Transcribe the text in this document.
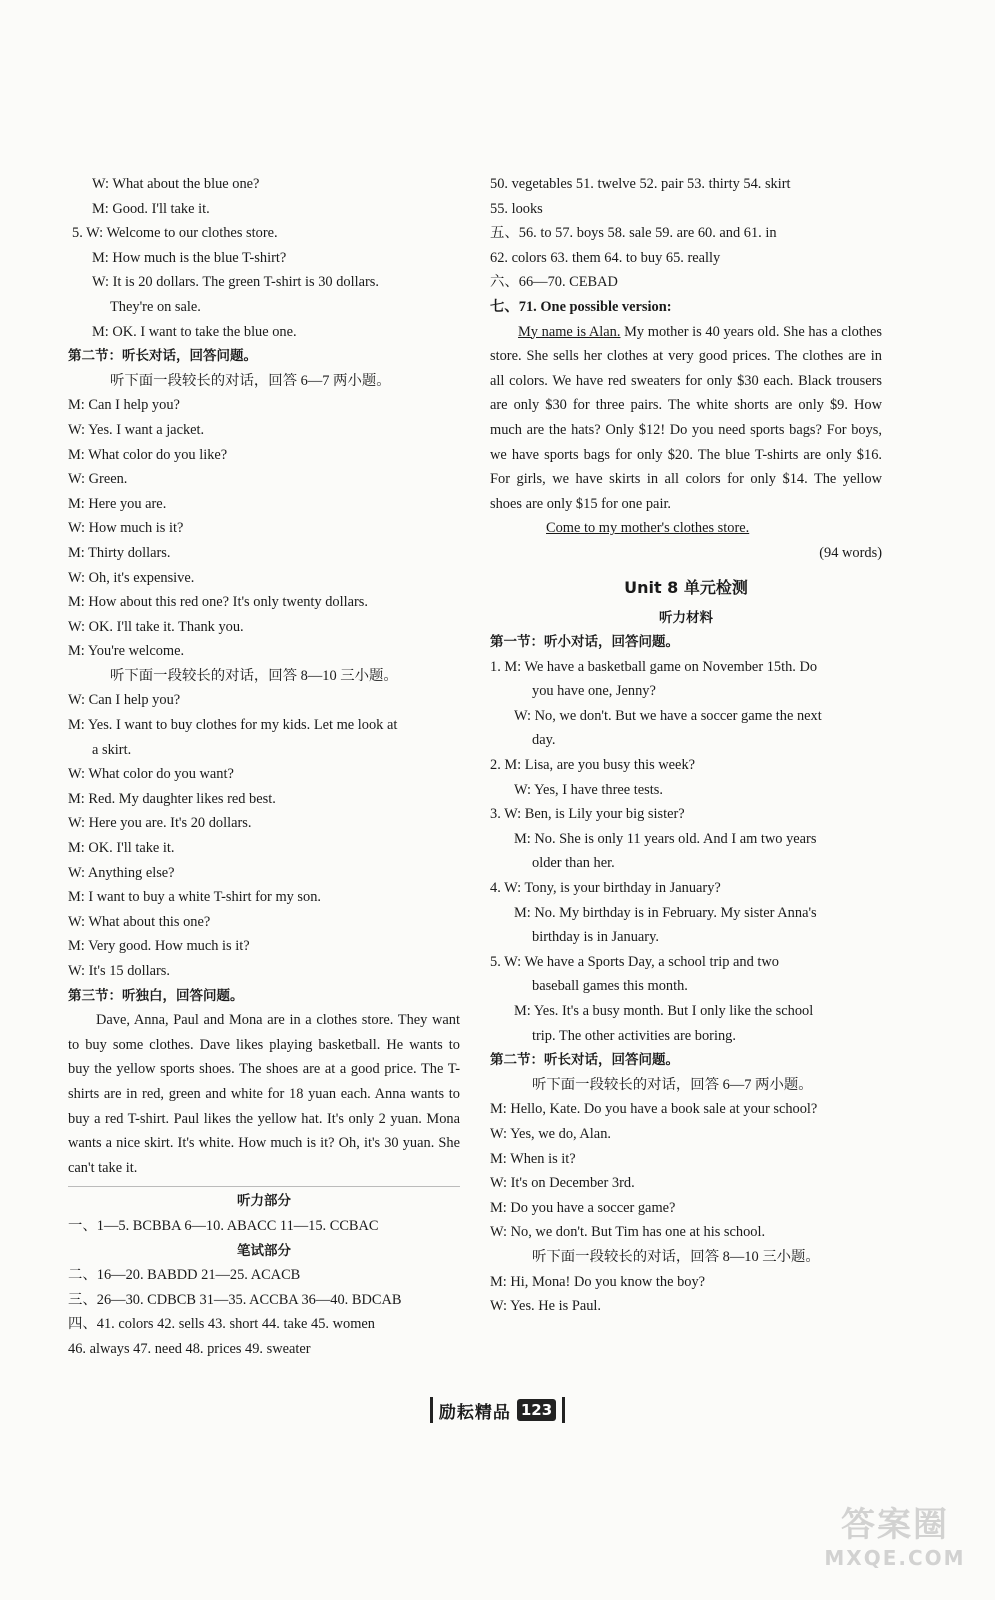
W: What about the blue one?
M: Good. I'll take it.
5. W: Welcome to our clothes store.
M: How much is the blue T-shirt?
W: It is 20 dollars. The green T-shirt is 30 dollars.
They're on sale.
M: OK. I want to take the blue one.
第二节：听长对话，回答问题。
听下面一段较长的对话，回答 6—7 两小题。
M: Can I help you?
W: Yes. I want a jacket.
M: What color do you like?
W: Green.
M: Here you are.
W: How much is it?
M: Thirty dollars.
W: Oh, it's expensive.
M: How about this red one? It's only twenty dollars.
W: OK. I'll take it. Thank you.
M: You're welcome.
听下面一段较长的对话，回答 8—10 三小题。
W: Can I help you?
M: Yes. I want to buy clothes for my kids. Let me look at
a skirt.
W: What color do you want?
M: Red. My daughter likes red best.
W: Here you are. It's 20 dollars.
M: OK. I'll take it.
W: Anything else?
M: I want to buy a white T-shirt for my son.
W: What about this one?
M: Very good. How much is it?
W: It's 15 dollars.
第三节：听独白，回答问题。

Dave, Anna, Paul and Mona are in a clothes store. They want to buy some clothes. Dave likes playing basketball. He wants to buy the yellow sports shoes. The shoes are at a good price. The T-shirts are in red, green and white for 18 yuan each. Anna wants to buy a red T-shirt. Paul likes the yellow hat. It's only 2 yuan. Mona wants a nice skirt. It's white. How much is it? Oh, it's 30 yuan. She can't take it.

听力部分
一、1—5. BCBBA 6—10. ABACC 11—15. CCBAC
笔试部分
二、16—20. BABDD 21—25. ACACB
三、26—30. CDBCB 31—35. ACCBA 36—40. BDCAB
四、41. colors 42. sells 43. short 44. take 45. women
46. always 47. need 48. prices 49. sweater
50. vegetables 51. twelve 52. pair 53. thirty 54. skirt
55. looks
五、56. to 57. boys 58. sale 59. are 60. and 61. in
62. colors 63. them 64. to buy 65. really
六、66—70. CEBAD
七、71. One possible version:

My name is Alan. My mother is 40 years old. She has a clothes store. She sells her clothes at very good prices. The clothes are in all colors. We have red sweaters for only $30 each. Black trousers are only $30 for three pairs. The white shorts are only $9. How much are the hats? Only $12! Do you need sports bags? For boys, we have sports bags for only $20. The blue T-shirts are only $16. For girls, we have skirts in all colors for only $14. The yellow shoes are only $15 for one pair.

Come to my mother's clothes store.
(94 words)
Unit 8 单元检测
听力材料
第一节：听小对话，回答问题。
1. M: We have a basketball game on November 15th. Do
you have one, Jenny?
W: No, we don't. But we have a soccer game the next
day.
2. M: Lisa, are you busy this week?
W: Yes, I have three tests.
3. W: Ben, is Lily your big sister?
M: No. She is only 11 years old. And I am two years
older than her.
4. W: Tony, is your birthday in January?
M: No. My birthday is in February. My sister Anna's
birthday is in January.
5. W: We have a Sports Day, a school trip and two
baseball games this month.
M: Yes. It's a busy month. But I only like the school
trip. The other activities are boring.
第二节：听长对话，回答问题。
听下面一段较长的对话，回答 6—7 两小题。
M: Hello, Kate. Do you have a book sale at your school?
W: Yes, we do, Alan.
M: When is it?
W: It's on December 3rd.
M: Do you have a soccer game?
W: No, we don't. But Tim has one at his school.
听下面一段较长的对话，回答 8—10 三小题。
M: Hi, Mona! Do you know the boy?
W: Yes. He is Paul.
励耘精品 123
答案圈
MXQE.COM
